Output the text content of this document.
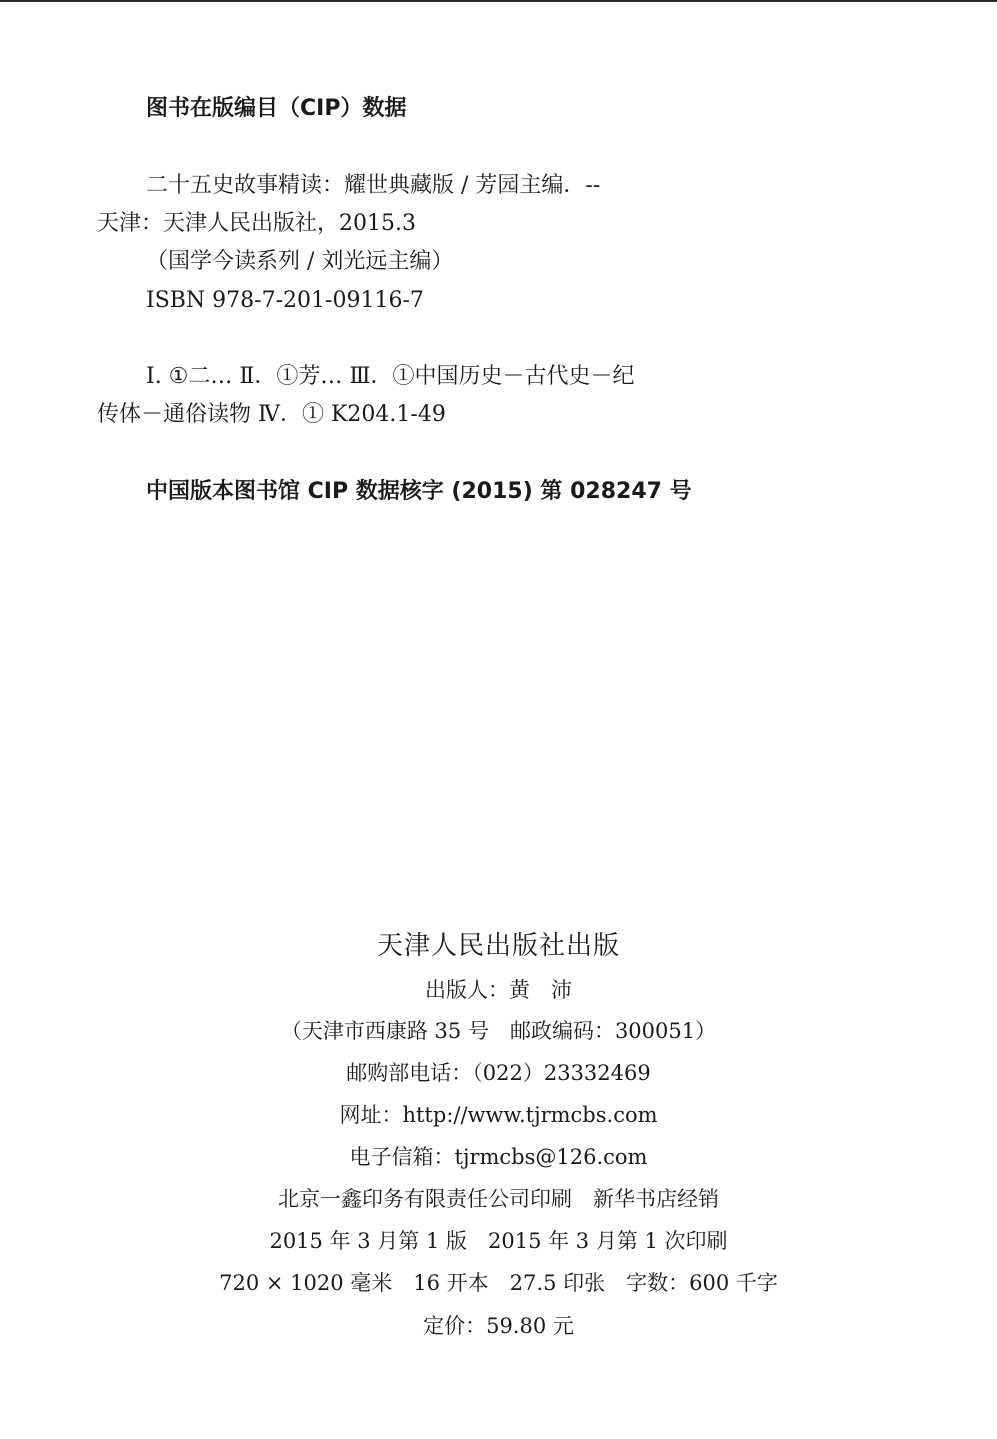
图书在版编目（CIP）数据
二十五史故事精读：耀世典藏版 / 芳园主编．--
天津：天津人民出版社，2015.3
（国学今读系列 / 刘光远主编）
ISBN 978-7-201-09116-7
Ⅰ. ①二… Ⅱ．①芳… Ⅲ．①中国历史－古代史－纪
传体－通俗读物 Ⅳ．① K204.1-49
中国版本图书馆 CIP 数据核字 (2015) 第 028247 号
天津人民出版社出版
出版人：黄　沛
（天津市西康路 35 号　邮政编码：300051）
邮购部电话：（022）23332469
网址：http://www.tjrmcbs.com
电子信箱：tjrmcbs@126.com
北京一鑫印务有限责任公司印刷　新华书店经销
2015 年 3 月第 1 版　2015 年 3 月第 1 次印刷
720 × 1020 毫米　16 开本　27.5 印张　字数：600 千字
定价：59.80 元
